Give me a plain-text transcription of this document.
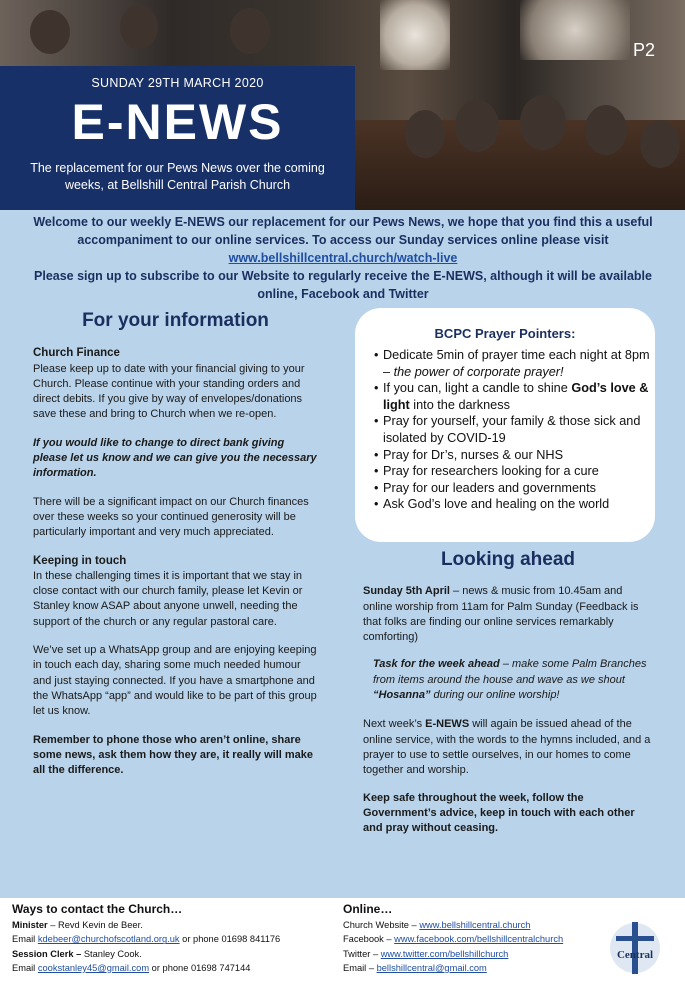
P2
SUNDAY 29TH MARCH 2020
E-NEWS
The replacement for our Pews News over the coming weeks, at Bellshill Central Parish Church
Welcome to our weekly E-NEWS our replacement for our Pews News, we hope that you find this a useful accompaniment to our online services. To access our Sunday services online please visit www.bellshillcentral.church/watch-live
Please sign up to subscribe to our Website to regularly receive the E-NEWS, although it will be available online, Facebook and Twitter
For your information
Church Finance

Please keep up to date with your financial giving to your Church. Please continue with your standing orders and direct debits. If you give by way of envelopes/donations save these and bring to Church when we re-open.

If you would like to change to direct bank giving please let us know and we can give you the necessary information.

There will be a significant impact on our Church finances over these weeks so your continued generosity will be particularly important and very much appreciated.

Keeping in touch

In these challenging times it is important that we stay in close contact with our church family, please let Kevin or Stanley know ASAP about anyone unwell, needing the support of the church or any regular pastoral care.

We’ve set up a WhatsApp group and are enjoying keeping in touch each day, sharing some much needed humour and just staying connected. If you have a smartphone and the WhatsApp “app” and would like to be part of this group let us know.

Remember to phone those who aren’t online, share some news, ask them how they are, it really will make all the difference.

BCPC Prayer Pointers:
• Dedicate 5min of prayer time each night at 8pm – the power of corporate prayer!
• If you can, light a candle to shine God’s love & light into the darkness
• Pray for yourself, your family & those sick and isolated by COVID-19
• Pray for Dr’s, nurses & our NHS
• Pray for researchers looking for a cure
• Pray for our leaders and governments
• Ask God’s love and healing on the world
Looking ahead

Sunday 5th April – news & music from 10.45am and online worship from 11am for Palm Sunday (Feedback is that folks are finding our online services remarkably comforting)

Task for the week ahead – make some Palm Branches from items around the house and wave as we shout “Hosanna” during our online worship!

Next week’s E-NEWS will again be issued ahead of the online service, with the words to the hymns included, and a prayer to use to settle ourselves, in our homes to come together and worship.

Keep safe throughout the week, follow the Government’s advice, keep in touch with each other and pray without ceasing.

Ways to contact the Church…
Minister – Revd Kevin de Beer.
Email kdebeer@churchofscotland.org.uk or phone 01698 841176
Session Clerk – Stanley Cook.
Email cookstanley45@gmail.com or phone 01698 747144
Online…
Church Website – www.bellshillcentral.church
Facebook – www.facebook.com/bellshillcentralchurch
Twitter – www.twitter.com/bellshillchurch
Email – bellshillcentral@gmail.com
Central
